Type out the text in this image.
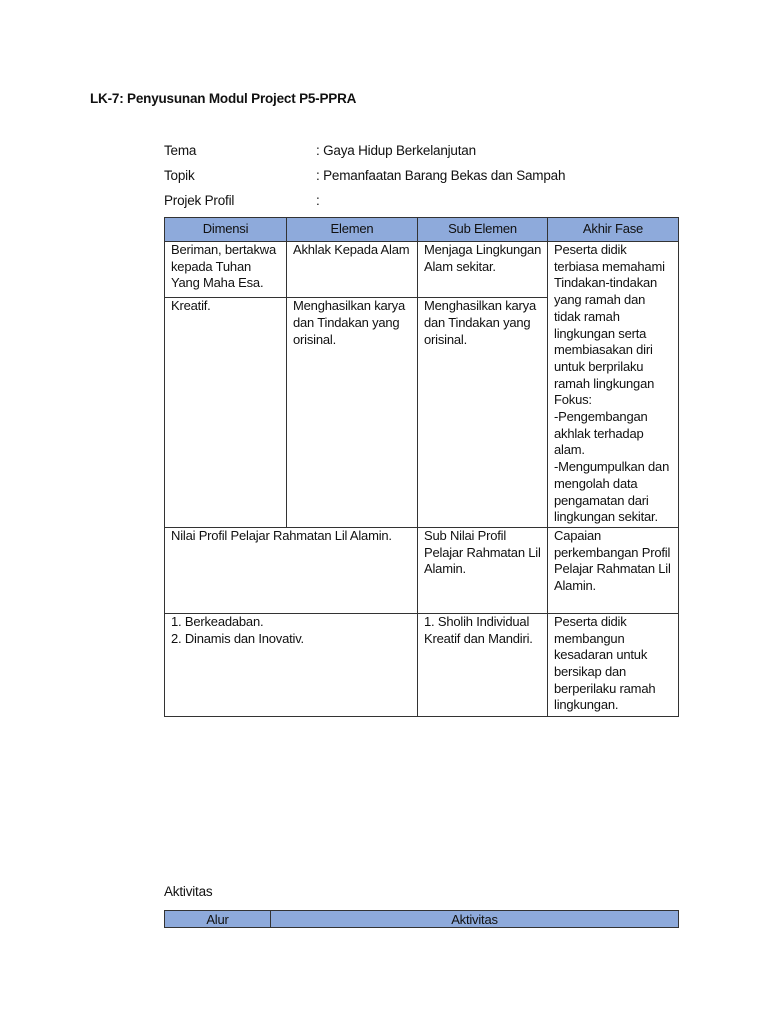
LK-7: Penyusunan Modul Project P5-PPRA
Tema	: Gaya Hidup Berkelanjutan
Topik	: Pemanfaatan Barang Bekas dan Sampah
Projek Profil	:
Dimensi	Elemen	Sub Elemen	Akhir Fase
Beriman, bertakwa kepada Tuhan Yang Maha Esa.	Akhlak Kepada Alam	Menjaga Lingkungan Alam sekitar.	Peserta didik terbiasa memahami Tindakan-tindakan yang ramah dan tidak ramah lingkungan serta membiasakan diri untuk berprilaku ramah lingkungan
Fokus:
-Pengembangan akhlak terhadap alam.
-Mengumpulkan dan mengolah data pengamatan dari lingkungan sekitar.
Kreatif.	Menghasilkan karya dan Tindakan yang orisinal.	Menghasilkan karya dan Tindakan yang orisinal.	
Nilai Profil Pelajar Rahmatan Lil Alamin.		Sub Nilai Profil Pelajar Rahmatan Lil Alamin.	Capaian perkembangan Profil Pelajar Rahmatan Lil Alamin.
1. Berkeadaban.
2. Dinamis dan Inovativ.		1. Sholih Individual Kreatif dan Mandiri.	Peserta didik membangun kesadaran untuk bersikap dan berperilaku ramah lingkungan.
Aktivitas
Alur	Aktivitas
